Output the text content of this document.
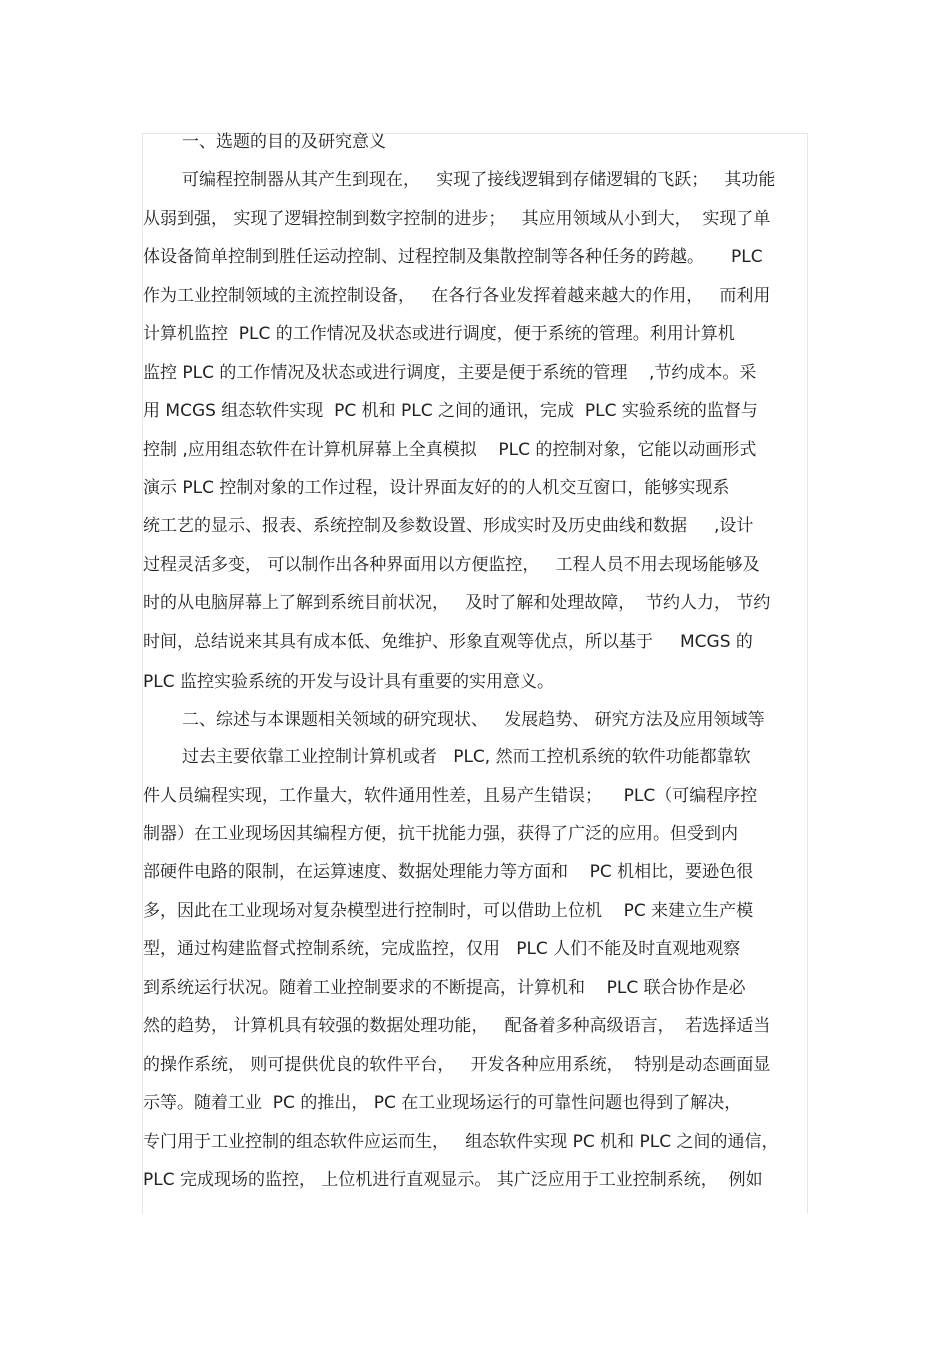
一、选题的目的及研究意义
可编程控制器从其产生到现在，   实现了接线逻辑到存储逻辑的飞跃；   其功能
从弱到强， 实现了逻辑控制到数字控制的进步；   其应用领域从小到大，  实现了单
体设备简单控制到胜任运动控制、过程控制及集散控制等各种任务的跨越。     PLC
作为工业控制领域的主流控制设备，   在各行各业发挥着越来越大的作用，   而利用
计算机监控  PLC 的工作情况及状态或进行调度，便于系统的管理。利用计算机
监控 PLC 的工作情况及状态或进行调度，主要是便于系统的管理    ,节约成本。采
用 MCGS 组态软件实现  PC 机和 PLC 之间的通讯，完成  PLC 实验系统的监督与
控制 ,应用组态软件在计算机屏幕上全真模拟    PLC 的控制对象，它能以动画形式
演示 PLC 控制对象的工作过程，设计界面友好的的人机交互窗口，能够实现系
统工艺的显示、报表、系统控制及参数设置、形成实时及历史曲线和数据     ,设计
过程灵活多变， 可以制作出各种界面用以方便监控，   工程人员不用去现场能够及
时的从电脑屏幕上了解到系统目前状况，   及时了解和处理故障，  节约人力， 节约
时间，总结说来其具有成本低、免维护、形象直观等优点，所以基于     MCGS 的
PLC 监控实验系统的开发与设计具有重要的实用意义。
二、综述与本课题相关领域的研究现状、   发展趋势、 研究方法及应用领域等
过去主要依靠工业控制计算机或者   PLC, 然而工控机系统的软件功能都靠软
件人员编程实现，工作量大，软件通用性差，且易产生错误；    PLC（可编程序控
制器）在工业现场因其编程方便，抗干扰能力强，获得了广泛的应用。但受到内
部硬件电路的限制，在运算速度、数据处理能力等方面和    PC 机相比，要逊色很
多，因此在工业现场对复杂模型进行控制时，可以借助上位机    PC 来建立生产模
型，通过构建监督式控制系统，完成监控，仅用   PLC 人们不能及时直观地观察
到系统运行状况。随着工业控制要求的不断提高，计算机和    PLC 联合协作是必
然的趋势， 计算机具有较强的数据处理功能，   配备着多种高级语言，  若选择适当
的操作系统， 则可提供优良的软件平台，   开发各种应用系统，  特别是动态画面显
示等。随着工业  PC 的推出， PC 在工业现场运行的可靠性问题也得到了解决，
专门用于工业控制的组态软件应运而生，   组态软件实现 PC 机和 PLC 之间的通信，
PLC 完成现场的监控， 上位机进行直观显示。 其广泛应用于工业控制系统，  例如
